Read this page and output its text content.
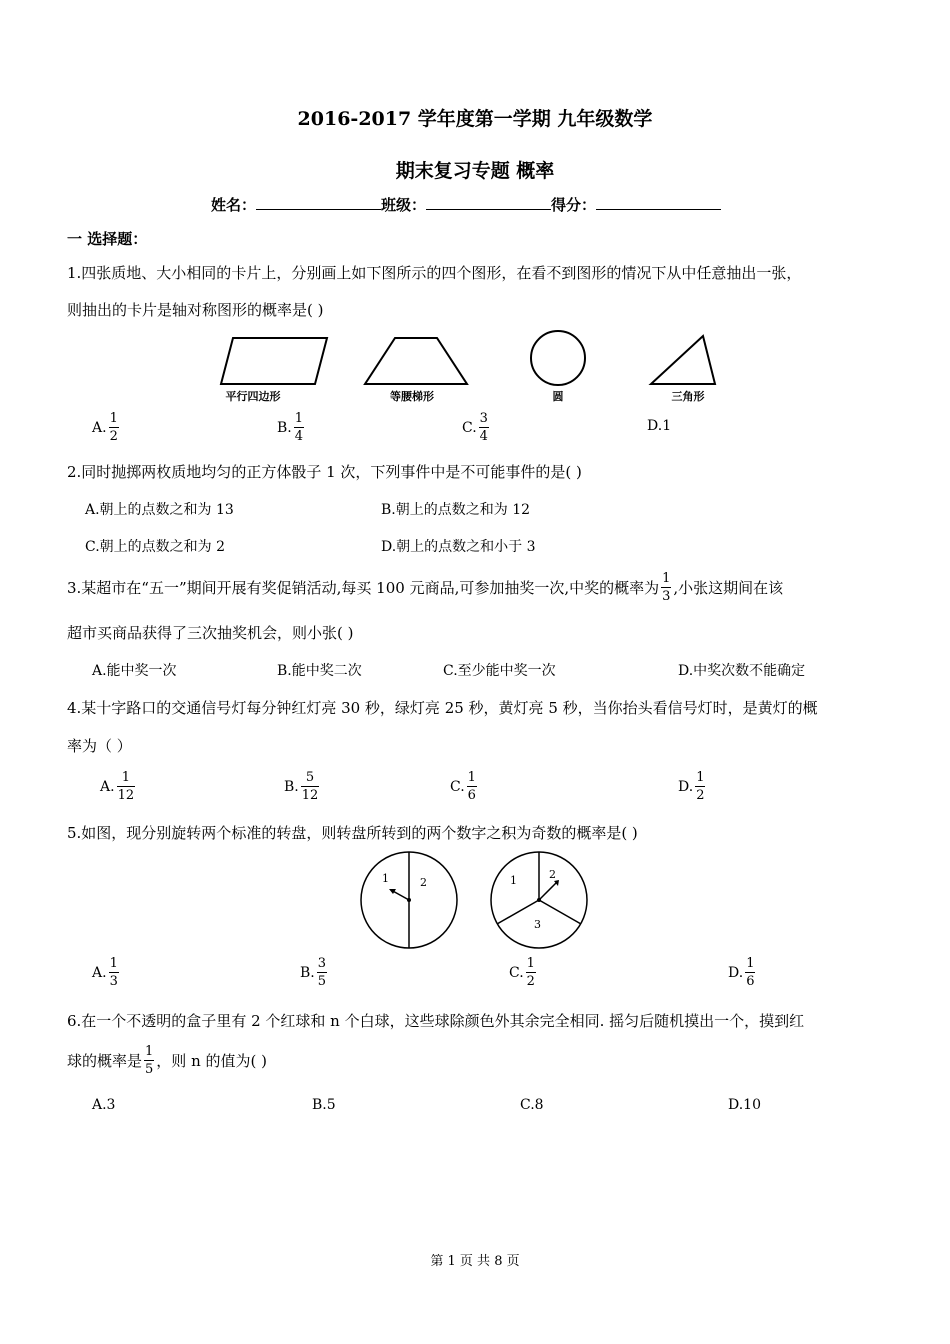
2016-2017 学年度第一学期 九年级数学
期末复习专题 概率
姓名：	班级：	得分：
一 选择题：
1.四张质地、大小相同的卡片上，分别画上如下图所示的四个图形，在看不到图形的情况下从中任意抽出一张，
则抽出的卡片是轴对称图形的概率是( )
平行四边形	等腰梯形	圆	三角形
A. $\frac{1}{2}$	B. $\frac{1}{4}$	C. $\frac{3}{4}$	D.1
2.同时抛掷两枚质地均匀的正方体骰子 1 次，下列事件中是不可能事件的是( )
A.朝上的点数之和为 13	B.朝上的点数之和为 12
C.朝上的点数之和为 2	D.朝上的点数之和小于 3
3.某超市在“五一”期间开展有奖促销活动,每买 100 元商品,可参加抽奖一次,中奖的概率为 $\frac{1}{3}$ ,小张这期间在该
超市买商品获得了三次抽奖机会，则小张( )
A.能中奖一次	B.能中奖二次	C.至少能中奖一次	D.中奖次数不能确定
4.某十字路口的交通信号灯每分钟红灯亮 30 秒，绿灯亮 25 秒，黄灯亮 5 秒，当你抬头看信号灯时，是黄灯的概
率为（ ）
A. $\frac{1}{12}$	B. $\frac{5}{12}$	C. $\frac{1}{6}$	D. $\frac{1}{2}$
5.如图，现分别旋转两个标准的转盘，则转盘所转到的两个数字之积为奇数的概率是( )
1	2	1	2
3
A. $\frac{1}{3}$	B. $\frac{3}{5}$	C. $\frac{1}{2}$	D. $\frac{1}{6}$
6.在一个不透明的盒子里有 2 个红球和 n 个白球，这些球除颜色外其余完全相同. 摇匀后随机摸出一个，摸到红
球的概率是 $\frac{1}{5}$ ，则 n 的值为( )
A.3	B.5	C.8	D.10
第 1 页 共 8 页
